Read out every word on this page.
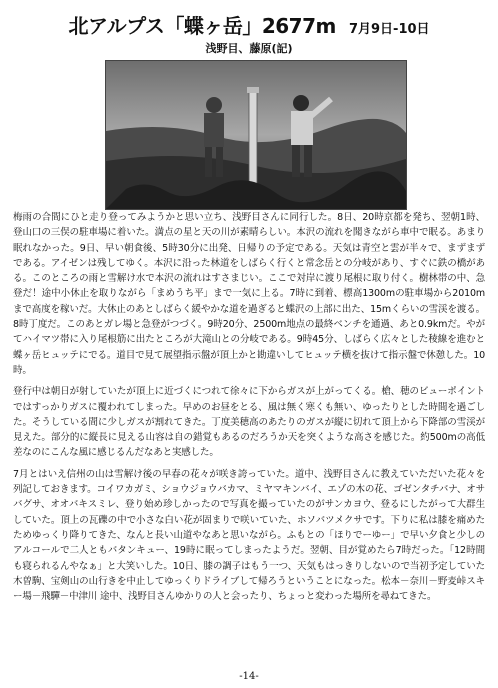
北アルプス「蝶ヶ岳」2677m 7月9日-10日
浅野目、藤原(記)

梅雨の合間にひと走り登ってみようかと思い立ち、浅野目さんに同行した。8日、20時京都を発ち、翌朝1時、登山口の三俣の駐車場に着いた。満点の星と天の川が素晴らしい。本沢の流れを聞きながら車中で眠る。あまり眠れなかった。9日、早い朝食後、5時30分に出発、日帰りの予定である。天気は青空と雲が半々で、まずまずである。アイゼンは残してゆく。本沢に沿った林道をしばらく行くと常念岳との分岐があり、すぐに鉄の橋がある。このところの雨と雪解け水で本沢の流れはすさまじい。ここで対岸に渡り尾根に取り付く。樹林帯の中、急登だ！途中小休止を取りながら「まめうち平」まで一気に上る。7時に到着、標高1300mの駐車場から2010mまで高度を稼いだ。大休止のあとしばらく緩やかな道を過ぎると蝶沢の上部に出た、15mくらいの雪渓を渡る。8時丁度だ。このあとガレ場と急登がつづく。9時20分、2500m地点の最終ベンチを通過、あと0.9kmだ。やがてハイマツ帯に入り尾根筋に出たところが大滝山との分岐である。9時45分、しばらく広々とした稜線を進むと蝶ヶ岳ヒュッテにでる。道目で見て展望指示盤が頂上かと勘違いしてヒュッテ横を抜けて指示盤で休憩した。10時。

登行中は朝日が射していたが頂上に近づくにつれて徐々に下からガスが上がってくる。槍、穂のビューポイントではすっかりガスに覆われてしまった。早めのお昼をとる、風は無く寒くも無い、ゆったりとした時間を過ごした。そうしている間に少しガスが割れてきた。丁度美穂高のあたりのガスが縦に切れて頂上から下降部の雪渓が見えた。部分的に縦長に見える山容は自の錯覚もあるのだろうか天を突くような高さを感じた。約500mの高低差なのにこんな風に感じるんだなあと実感した。

7月とはいえ信州の山は雪解け後の早春の花々が咲き誇っていた。道中、浅野目さんに教えていただいた花々を列記しておきます。コイワカガミ、ショウジョウバカマ、ミヤマキンバイ、エゾの木の花、ゴゼンタチバナ、オサバグサ、オオバキスミレ、登り始め珍しかったので写真を撮っていたのがサンカヨウ、登るにしたがって大群生していた。頂上の瓦礫の中で小さな白い花が固まりで咲いていた、ホソバツメクサです。下りに私は膝を痛めたためゆっくり降りてきた、なんと長い山道やなあと思いながら。ふもとの「ほりでーゆー」で早い夕食と少しのアルコールで二人ともバタンキュー、19時に眠ってしまったようだ。翌朝、目が覚めたら7時だった。「12時間も寝られるんやなぁ」と大笑いした。10日、膝の調子はもう一つ、天気もはっきりしないので当初予定していた木曽駒、宝剣山の山行きを中止してゆっくりドライブして帰ろうということになった。松本－奈川－野麦峠スキー場－飛驒－中津川 途中、浅野目さんゆかりの人と会ったり、ちょっと変わった場所を尋ねてきた。

-14-
